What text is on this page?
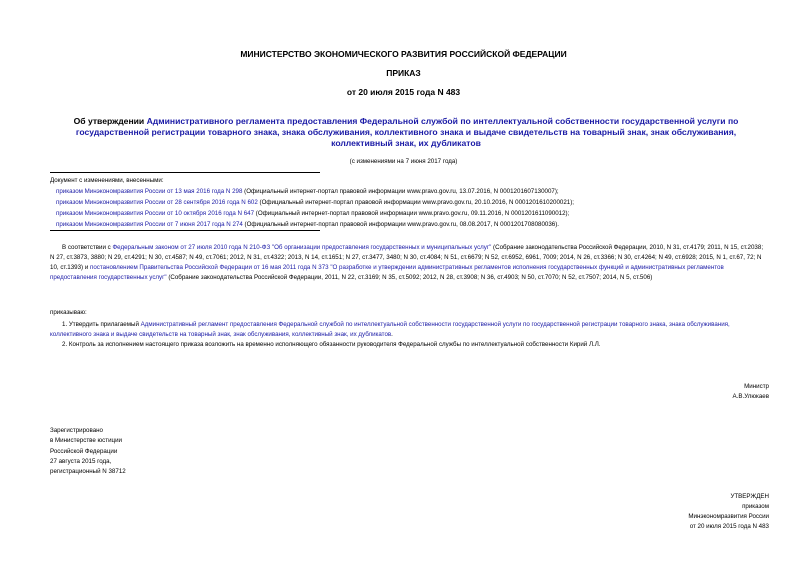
МИНИСТЕРСТВО ЭКОНОМИЧЕСКОГО РАЗВИТИЯ РОССИЙСКОЙ ФЕДЕРАЦИИ
ПРИКАЗ
от 20 июля 2015 года N 483
Об утверждении Административного регламента предоставления Федеральной службой по интеллектуальной собственности государственной услуги по государственной регистрации товарного знака, знака обслуживания, коллективного знака и выдаче свидетельств на товарный знак, знак обслуживания, коллективный знак, их дубликатов
(с изменениями на 7 июня 2017 года)
Документ с изменениями, внесенными:
приказом Минэкономразвития России от 13 мая 2016 года N 298 (Официальный интернет-портал правовой информации www.pravo.gov.ru, 13.07.2016, N 0001201607130007);
приказом Минэкономразвития России от 28 сентября 2016 года N 602 (Официальный интернет-портал правовой информации www.pravo.gov.ru, 20.10.2016, N 0001201610200021);
приказом Минэкономразвития России от 10 октября 2016 года N 647 (Официальный интернет-портал правовой информации www.pravo.gov.ru, 09.11.2016, N 0001201611090012);
приказом Минэкономразвития России от 7 июня 2017 года N 274 (Официальный интернет-портал правовой информации www.pravo.gov.ru, 08.08.2017, N 0001201708080036).
В соответствии с Федеральным законом от 27 июля 2010 года N 210-ФЗ "Об организации предоставления государственных и муниципальных услуг" (Собрание законодательства Российской Федерации, 2010, N 31, ст.4179; 2011, N 15, ст.2038; N 27, ст.3873, 3880; N 29, ст.4291; N 30, ст.4587; N 49, ст.7061; 2012, N 31, ст.4322; 2013, N 14, ст.1651; N 27, ст.3477, 3480; N 30, ст.4084; N 51, ст.6679; N 52, ст.6952, 6961, 7009; 2014, N 26, ст.3366; N 30, ст.4264; N 49, ст.6928; 2015, N 1, ст.67, 72; N 10, ст.1393) и постановлением Правительства Российской Федерации от 16 мая 2011 года N 373 "О разработке и утверждении административных регламентов исполнения государственных функций и административных регламентов предоставления государственных услуг" (Собрание законодательства Российской Федерации, 2011, N 22, ст.3169; N 35, ст.5092; 2012, N 28, ст.3908; N 36, ст.4903; N 50, ст.7070; N 52, ст.7507; 2014, N 5, ст.506)
приказываю:
1. Утвердить прилагаемый Административный регламент предоставления Федеральной службой по интеллектуальной собственности государственной услуги по государственной регистрации товарного знака, знака обслуживания, коллективного знака и выдаче свидетельств на товарный знак, знак обслуживания, коллективный знак, их дубликатов.
2. Контроль за исполнением настоящего приказа возложить на временно исполняющего обязанности руководителя Федеральной службы по интеллектуальной собственности Кирий Л.Л.
Министр
А.В.Улюкаев
Зарегистрировано
в Министерстве юстиции
Российской Федерации
27 августа 2015 года,
регистрационный N 38712
УТВЕРЖДЕН
приказом
Минэкономразвития России
от 20 июля 2015 года N 483
